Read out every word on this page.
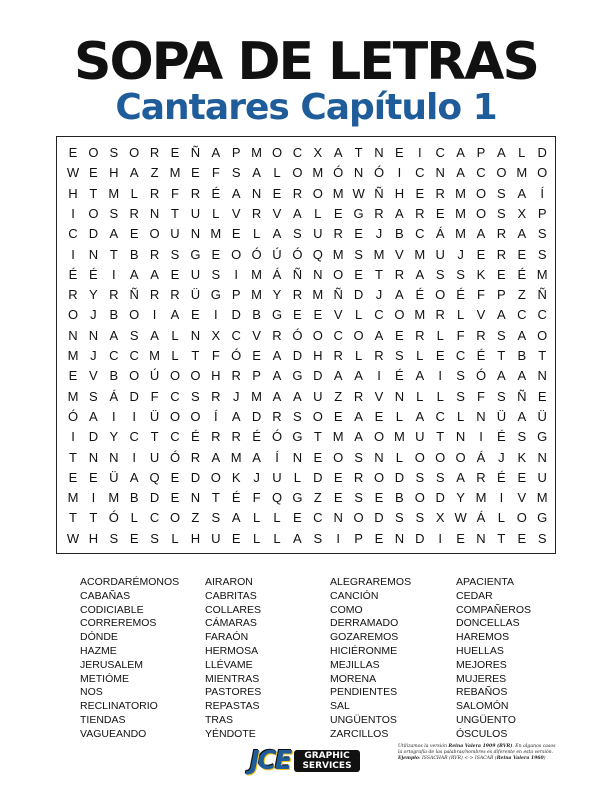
SOPA DE LETRAS
Cantares Capítulo 1
E O S O R E Ñ A P M O C X A T N E	I	C A P A L D
W E H A Z M E F S A L O M Ó N Ó	I	C N A C O M O
H T M L R F R É A N E R O M W Ñ H E R M O S A	Í
I	O S R N T U L V R V A L E G R A R E M O S X P
C D A E O U N M E L A S U R E J B C Á M A R A S
I	N T B R S G E O Ó Ú Ó Q M S M V M U J E R E S
É É	I	A A E U S	I	M Á Ñ N O E T R A S S K E É M
R Y R Ñ R R Ü G P M Y R M Ñ D J A É O É F P Z Ñ
O J B O	I	A E	I	D B G E E V L C O M R L V A C C
N N A S A L N X C V R Ó O C O A E R L F R S A O
M J C C M L T F Ó E A D H R L R S L E C É T B T
E V B O Ú O O H R P A G D A A	I	É A	I	S Ó A A N
M S Á D F C S R J M A A U Z R V N L	L S F S Ñ E
Ó A	I	I	Ü O O	Í	A D R S O E A E L A C L N Ü A Ü
I	D Y C T C É R R É Ó G T M A O M U T N	I	É S G
T N N	I	U Ó R A M A	Í	N E O S N L O O O Á J K N
E E Ü A Q E D O K J U L D E R O D S S A R É E U
M	I	M B D E N T É F Q G Z E S E B O D Y M	I	V M
T T Ó L C O Z S A L	L E C N O D S S X W Á L O G
W H S E S L H U E L	L A S	I	P E N D	I	E N T E S
ACORDARÉMONOS
CABAÑAS
CODICIABLE
CORREREMOS
DÓNDE
HAZME
JERUSALEM
METIÓME
NOS
RECLINATORIO
TIENDAS
VAGUEANDO
AIRARON
CABRITAS
COLLARES
CÁMARAS
FARAÓN
HERMOSA
LLÉVAME
MIENTRAS
PASTORES
REPASTAS
TRAS
YÉNDOTE
ALEGRAREMOS
CANCIÓN
COMO
DERRAMADO
GOZAREMOS
HICIÉRONME
MEJILLAS
MORENA
PENDIENTES
SAL
UNGÜENTOS
ZARCILLOS
APACIENTA
CEDAR
COMPAÑEROS
DONCELLAS
HAREMOS
HUELLAS
MEJORES
MUJERES
REBAÑOS
SALOMÓN
UNGÜENTO
ÓSCULOS
JCE	GRAPHIC
SERVICES
Utilizamos la versión Reina Valera 1909 (RVR). En algunos casos la ortografía de las palabras/nombres es diferente en esta versión. Ejemplo: ISSACHAR (RVR) <-> ISACAR (Reina Valera 1960)
